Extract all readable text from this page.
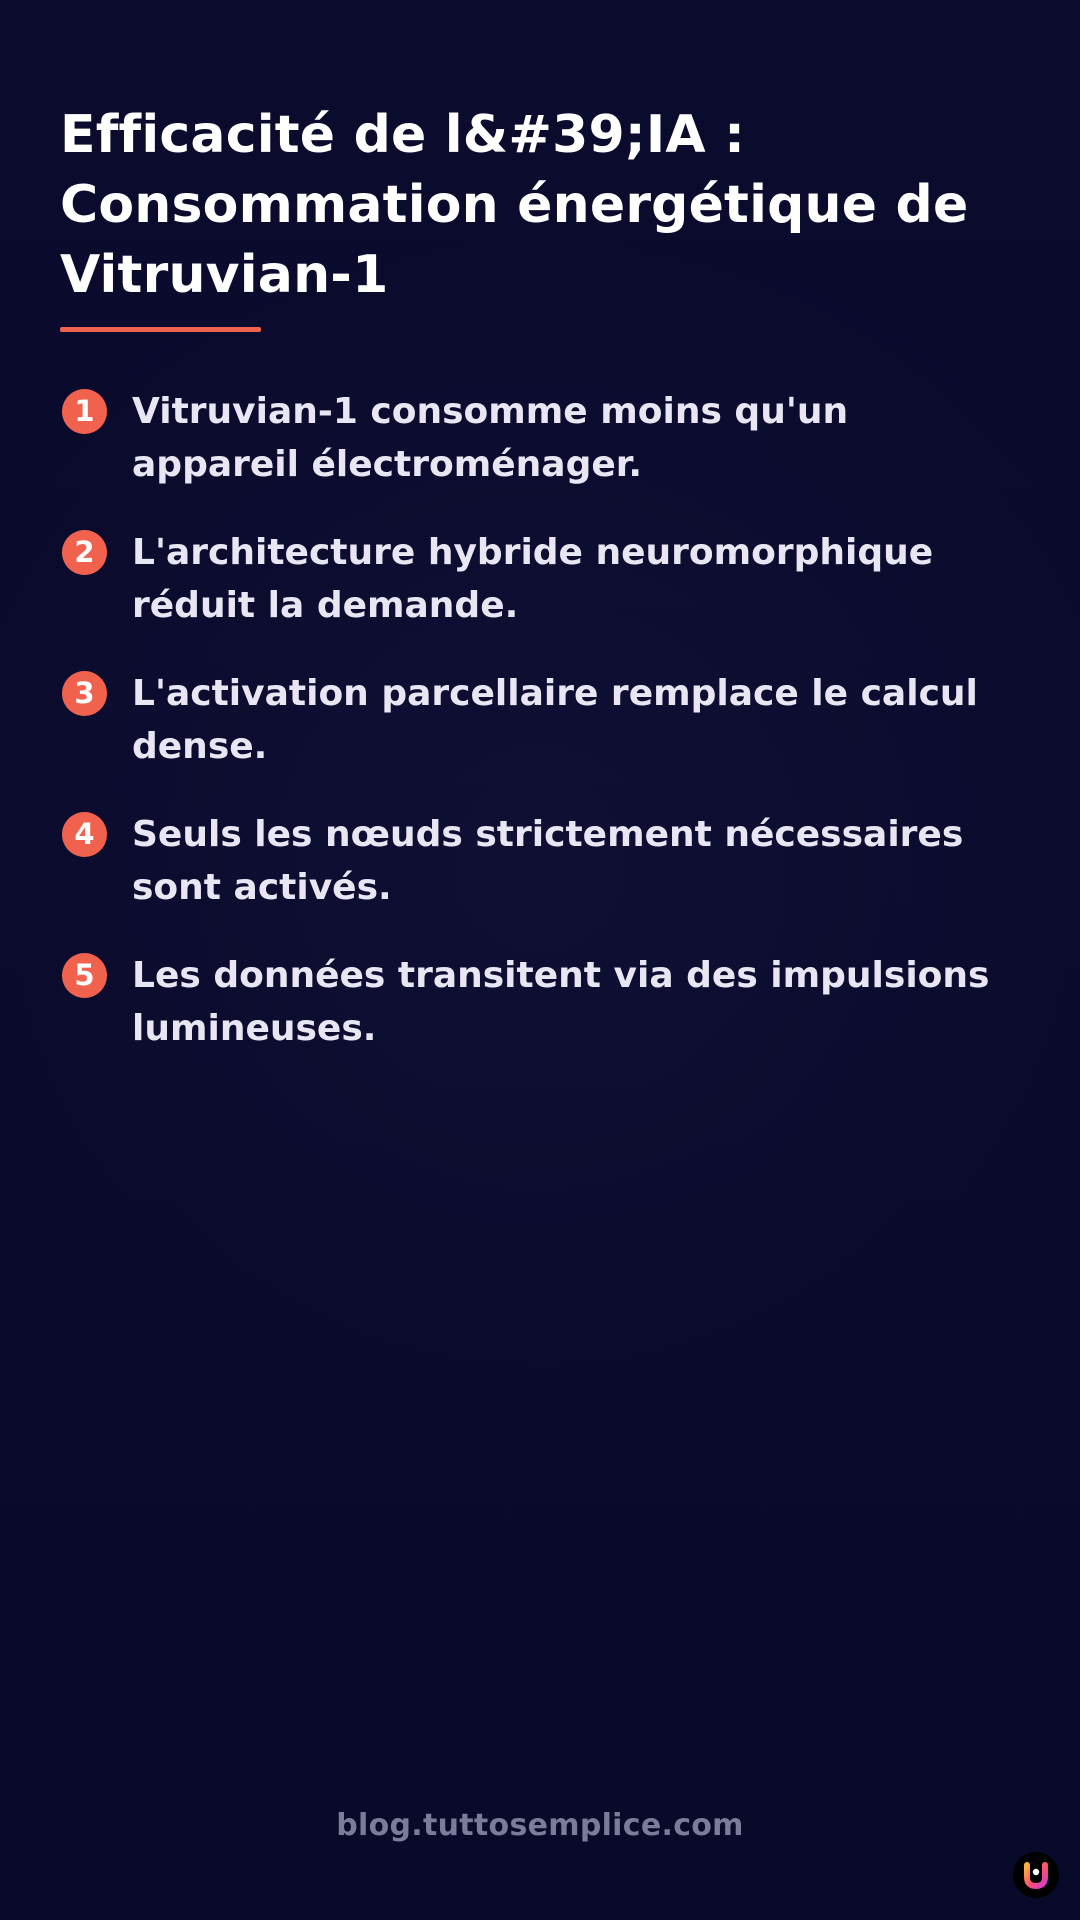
Efficacité de l&#39;IA : Consommation énergétique de Vitruvian-1
1	Vitruvian-1 consomme moins qu'un appareil électroménager.
2	L'architecture hybride neuromorphique réduit la demande.
3	L'activation parcellaire remplace le calcul dense.
4	Seuls les nœuds strictement nécessaires sont activés.
5	Les données transitent via des impulsions lumineuses.
blog.tuttosemplice.com
